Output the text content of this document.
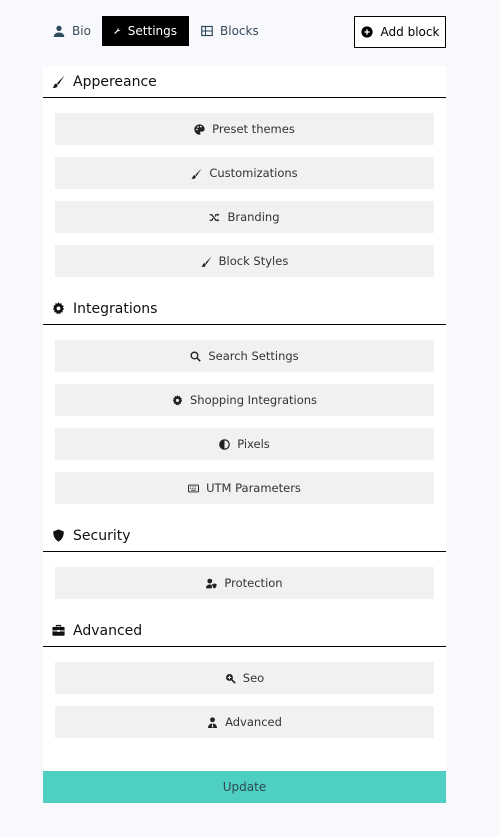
Bio	Settings	Blocks	Add block
Appereance
Preset themes
Customizations
Branding
Block Styles
Integrations
Search Settings
Shopping Integrations
Pixels
UTM Parameters
Security
Protection
Advanced
Seo
Advanced
Update
